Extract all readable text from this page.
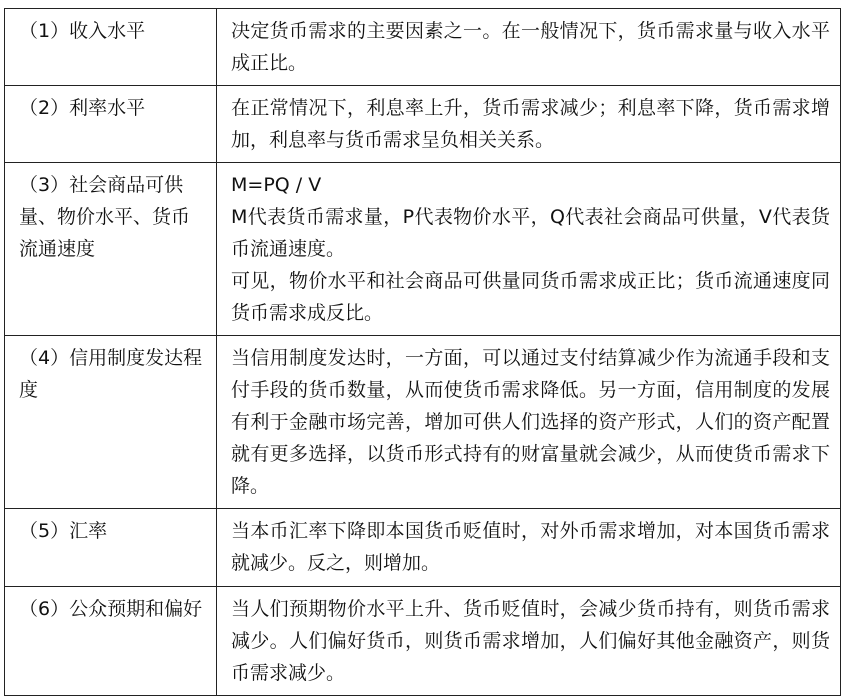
（1）收入水平	决定货币需求的主要因素之一。在一般情况下，货币需求量与收入水平成正比。

（2）利率水平	在正常情况下，利息率上升，货币需求减少；利息率下降，货币需求增加，利息率与货币需求呈负相关关系。

（3）社会商品可供量、物价水平、货币流通速度	M=PQ / V
M代表货币需求量，P代表物价水平，Q代表社会商品可供量，V代表货币流通速度。
可见，物价水平和社会商品可供量同货币需求成正比；货币流通速度同货币需求成反比。

（4）信用制度发达程度	当信用制度发达时，一方面，可以通过支付结算减少作为流通手段和支付手段的货币数量，从而使货币需求降低。另一方面，信用制度的发展有利于金融市场完善，增加可供人们选择的资产形式，人们的资产配置就有更多选择，以货币形式持有的财富量就会减少，从而使货币需求下降。

（5）汇率	当本币汇率下降即本国货币贬值时，对外币需求增加，对本国货币需求就减少。反之，则增加。

（6）公众预期和偏好	当人们预期物价水平上升、货币贬值时，会减少货币持有，则货币需求减少。人们偏好货币，则货币需求增加，人们偏好其他金融资产，则货币需求减少。
